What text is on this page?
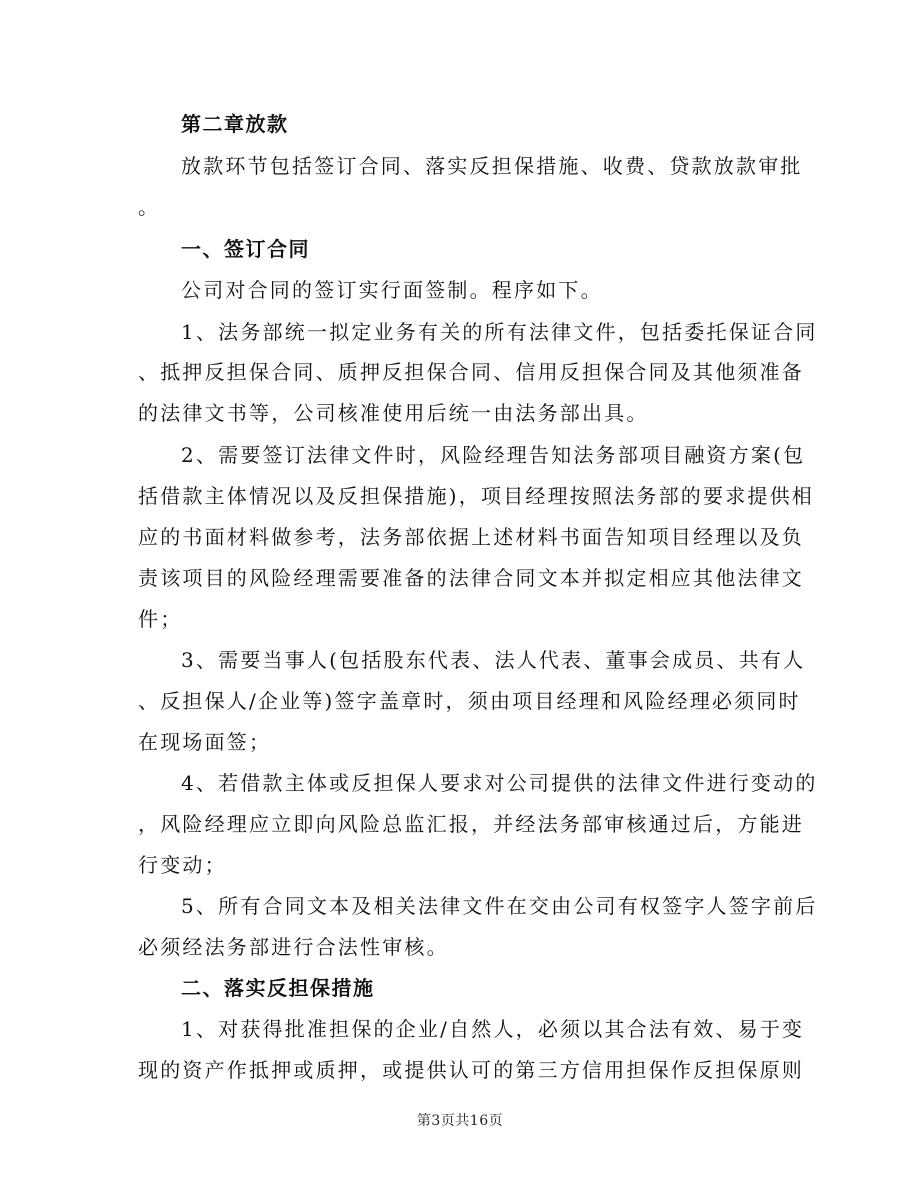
第二章放款
放款环节包括签订合同、落实反担保措施、收费、贷款放款审批
。
一、签订合同
公司对合同的签订实行面签制。程序如下。
1、法务部统一拟定业务有关的所有法律文件，包括委托保证合同
、抵押反担保合同、质押反担保合同、信用反担保合同及其他须准备
的法律文书等，公司核准使用后统一由法务部出具。
2、需要签订法律文件时，风险经理告知法务部项目融资方案(包
括借款主体情况以及反担保措施)，项目经理按照法务部的要求提供相
应的书面材料做参考，法务部依据上述材料书面告知项目经理以及负
责该项目的风险经理需要准备的法律合同文本并拟定相应其他法律文
件；
3、需要当事人(包括股东代表、法人代表、董事会成员、共有人
、反担保人/企业等)签字盖章时，须由项目经理和风险经理必须同时
在现场面签；
4、若借款主体或反担保人要求对公司提供的法律文件进行变动的
，风险经理应立即向风险总监汇报，并经法务部审核通过后，方能进
行变动；
5、所有合同文本及相关法律文件在交由公司有权签字人签字前后
必须经法务部进行合法性审核。
二、落实反担保措施
1、对获得批准担保的企业/自然人，必须以其合法有效、易于变
现的资产作抵押或质押，或提供认可的第三方信用担保作反担保原则
第3页共16页
